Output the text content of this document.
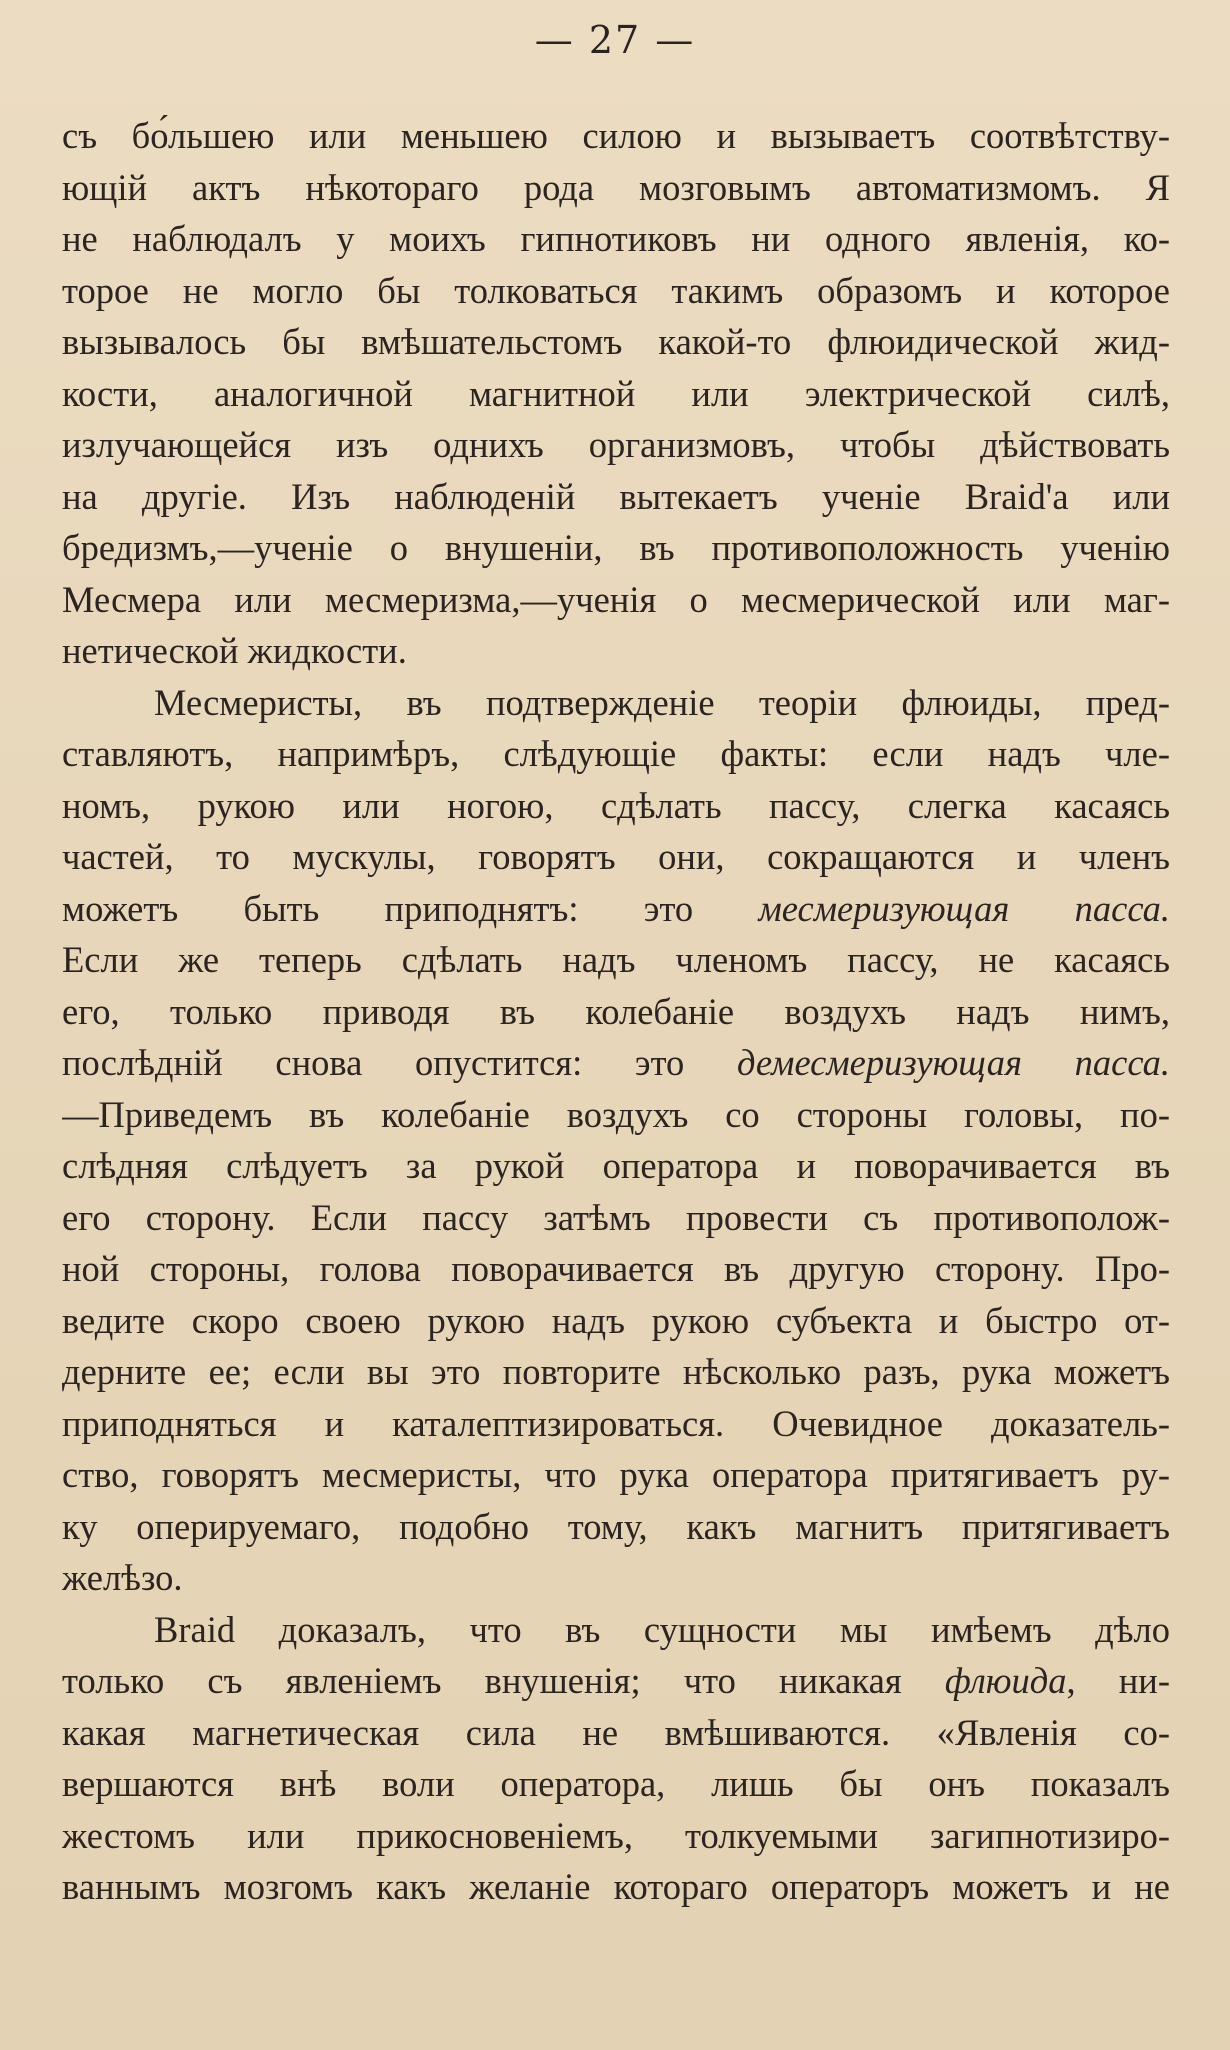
— 27 —
съ бо́льшею или меньшею силою и вызываетъ соотвѣтству-
ющій актъ нѣкотораго рода мозговымъ автоматизмомъ. Я
не наблюдалъ у моихъ гипнотиковъ ни одного явленія, ко-
торое не могло бы толковаться такимъ образомъ и которое
вызывалось бы вмѣшательстомъ какой-то флюидической жид-
кости, аналогичной магнитной или электрической силѣ,
излучающейся изъ однихъ организмовъ, чтобы дѣйствовать
на другіе. Изъ наблюденій вытекаетъ ученіе Braid'а или
бредизмъ,—ученіе о внушеніи, въ противоположность ученію
Месмера или месмеризма,—ученія о месмерической или маг-
нетической жидкости.
Месмеристы, въ подтвержденіе теоріи флюиды, пред-
ставляютъ, напримѣръ, слѣдующіе факты: если надъ чле-
номъ, рукою или ногою, сдѣлать пассу, слегка касаясь
частей, то мускулы, говорятъ они, сокращаются и членъ
можетъ быть приподнятъ: это месмеризующая пасса.
Если же теперь сдѣлать надъ членомъ пассу, не касаясь
его, только приводя въ колебаніе воздухъ надъ нимъ,
послѣдній снова опустится: это демесмеризующая пасса.
—Приведемъ въ колебаніе воздухъ со стороны головы, по-
слѣдняя слѣдуетъ за рукой оператора и поворачивается въ
его сторону. Если пассу затѣмъ провести съ противополож-
ной стороны, голова поворачивается въ другую сторону. Про-
ведите скоро своею рукою надъ рукою субъекта и быстро от-
дерните ее; если вы это повторите нѣсколько разъ, рука можетъ
приподняться и каталептизироваться. Очевидное доказатель-
ство, говорятъ месмеристы, что рука оператора притягиваетъ ру-
ку оперируемаго, подобно тому, какъ магнитъ притягиваетъ
желѣзо.
Braid доказалъ, что въ сущности мы имѣемъ дѣло
только съ явленіемъ внушенія; что никакая флюида, ни-
какая магнетическая сила не вмѣшиваются. «Явленія со-
вершаются внѣ воли оператора, лишь бы онъ показалъ
жестомъ или прикосновеніемъ, толкуемыми загипнотизиро-
ваннымъ мозгомъ какъ желаніе котораго операторъ можетъ и не
